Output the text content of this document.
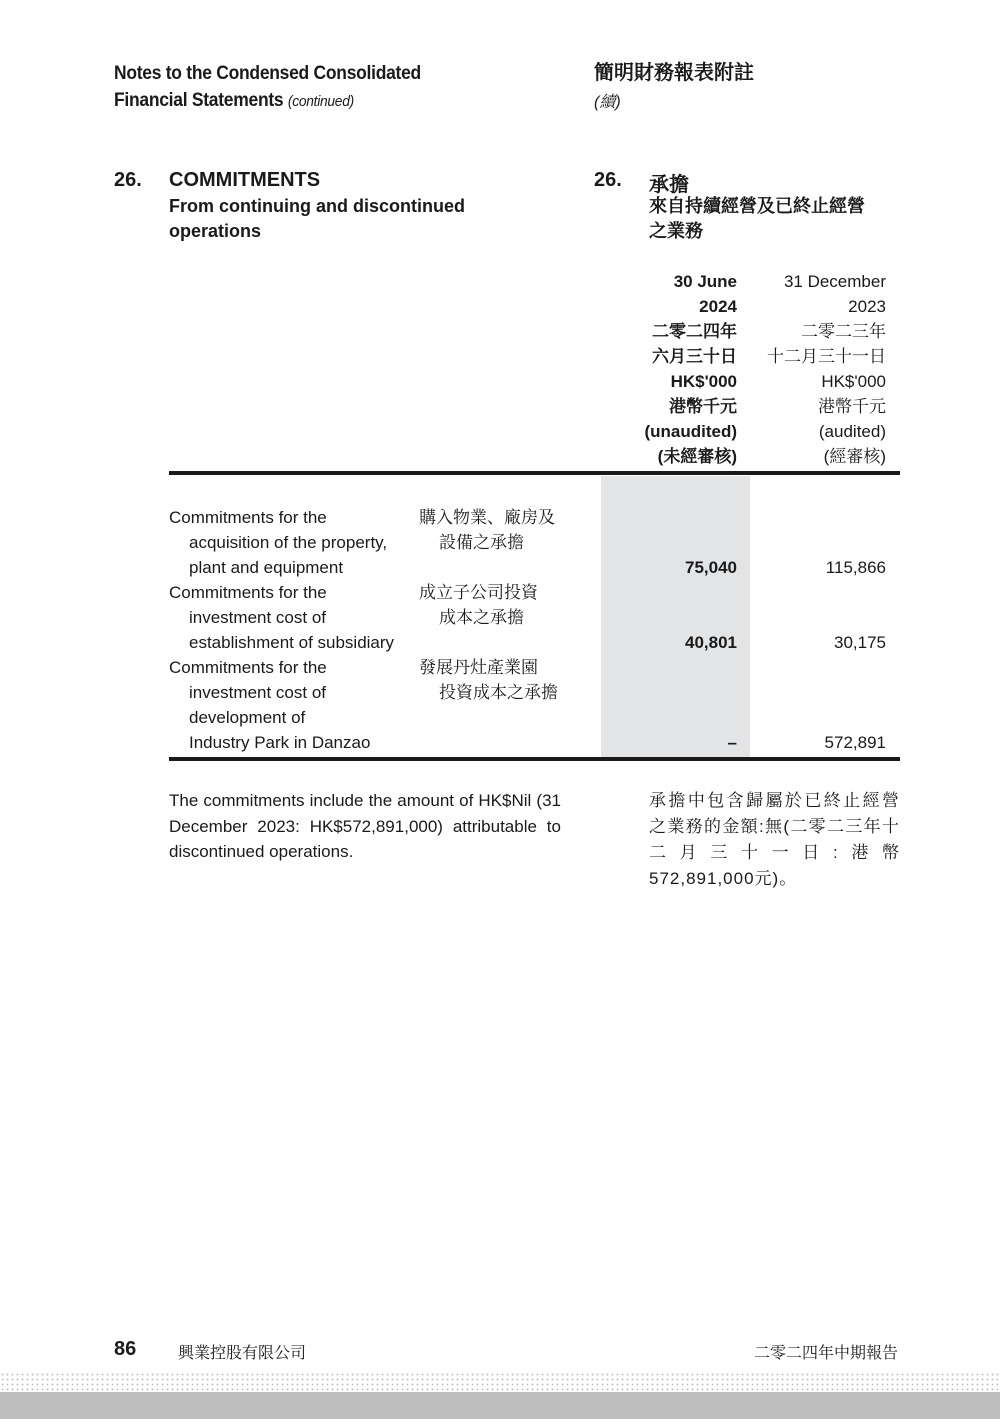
Notes to the Condensed Consolidated
Financial Statements (continued)
簡明財務報表附註
(續)
26. COMMITMENTS
From continuing and discontinued
operations
26. 承擔
來自持續經營及已終止經營
之業務
30 June
2024
二零二四年
六月三十日
HK$'000
港幣千元
(unaudited)
(未經審核)
31 December
2023
二零二三年
十二月三十一日
HK$'000
港幣千元
(audited)
(經審核)
Commitments for the
acquisition of the property,
plant and equipment
購入物業、廠房及
設備之承擔
75,040	115,866
Commitments for the
investment cost of
establishment of subsidiary
成立子公司投資
成本之承擔
40,801	30,175
Commitments for the
investment cost of
development of
Industry Park in Danzao
發展丹灶產業園
投資成本之承擔
–	572,891
The commitments include the amount of HK$Nil (31 December 2023: HK$572,891,000) attributable to discontinued operations.
承擔中包含歸屬於已終止經營之業務的金額:無(二零二三年十二月三十一日:港幣572,891,000元)。
86	興業控股有限公司	二零二四年中期報告
